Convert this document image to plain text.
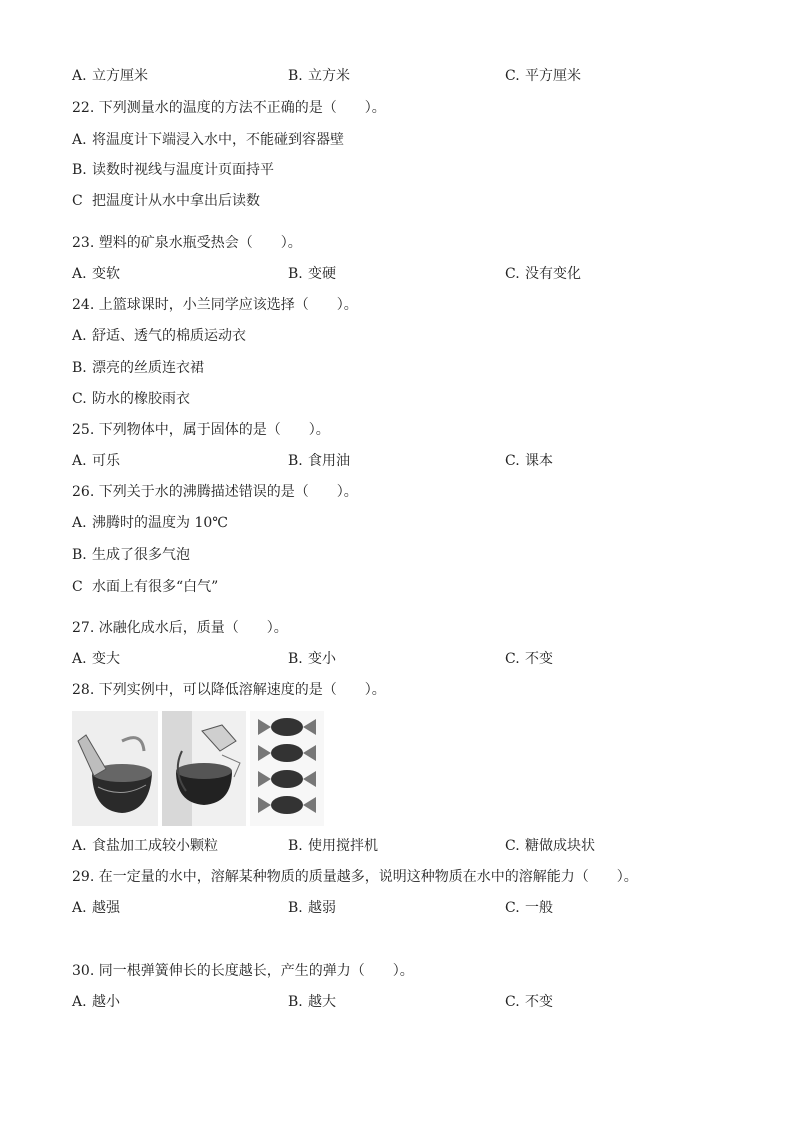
A. 立方厘米	B. 立方米	C. 平方厘米
22. 下列测量水的温度的方法不正确的是（　　）。
A. 将温度计下端浸入水中，不能碰到容器壁
B. 读数时视线与温度计页面持平
C 把温度计从水中拿出后读数
23. 塑料的矿泉水瓶受热会（　　）。
A. 变软	B. 变硬	C. 没有变化
24. 上篮球课时，小兰同学应该选择（　　）。
A. 舒适、透气的棉质运动衣
B. 漂亮的丝质连衣裙
C. 防水的橡胶雨衣
25. 下列物体中，属于固体的是（　　）。
A. 可乐	B. 食用油	C. 课本
26. 下列关于水的沸腾描述错误的是（　　）。
A. 沸腾时的温度为 10℃
B. 生成了很多气泡
C 水面上有很多“白气”
27. 冰融化成水后，质量（　　）。
A. 变大	B. 变小	C. 不变
28. 下列实例中，可以降低溶解速度的是（　　）。
A. 食盐加工成较小颗粒	B. 使用搅拌机	C. 糖做成块状
29. 在一定量的水中，溶解某种物质的质量越多，说明这种物质在水中的溶解能力（　　）。
A. 越强	B. 越弱	C. 一般
30. 同一根弹簧伸长的长度越长，产生的弹力（　　）。
A. 越小	B. 越大	C. 不变
